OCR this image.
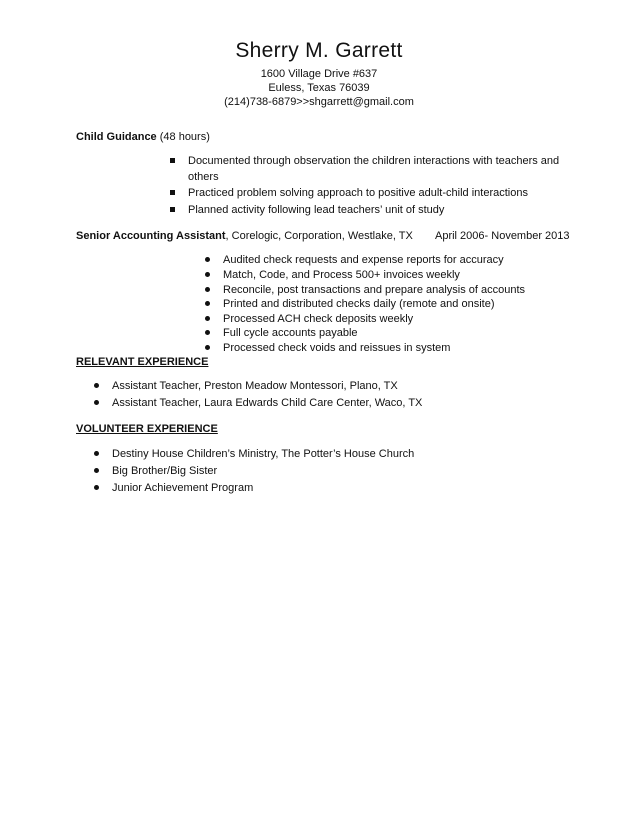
Sherry M. Garrett
1600 Village Drive #637
Euless, Texas 76039
(214)738-6879>>shgarrett@gmail.com
Child Guidance (48 hours)
Documented through observation the children interactions with teachers and
others
Practiced problem solving approach to positive adult-child interactions
Planned activity following lead teachers’ unit of study
Senior Accounting Assistant, Corelogic, Corporation, Westlake, TX April 2006- November 2013
Audited check requests and expense reports for accuracy
Match, Code, and Process 500+ invoices weekly
Reconcile, post transactions and prepare analysis of accounts
Printed and distributed checks daily (remote and onsite)
Processed ACH check deposits weekly
Full cycle accounts payable
Processed check voids and reissues in system
RELEVANT EXPERIENCE
Assistant Teacher, Preston Meadow Montessori, Plano, TX
Assistant Teacher, Laura Edwards Child Care Center, Waco, TX
VOLUNTEER EXPERIENCE
Destiny House Children’s Ministry, The Potter’s House Church
Big Brother/Big Sister
Junior Achievement Program
